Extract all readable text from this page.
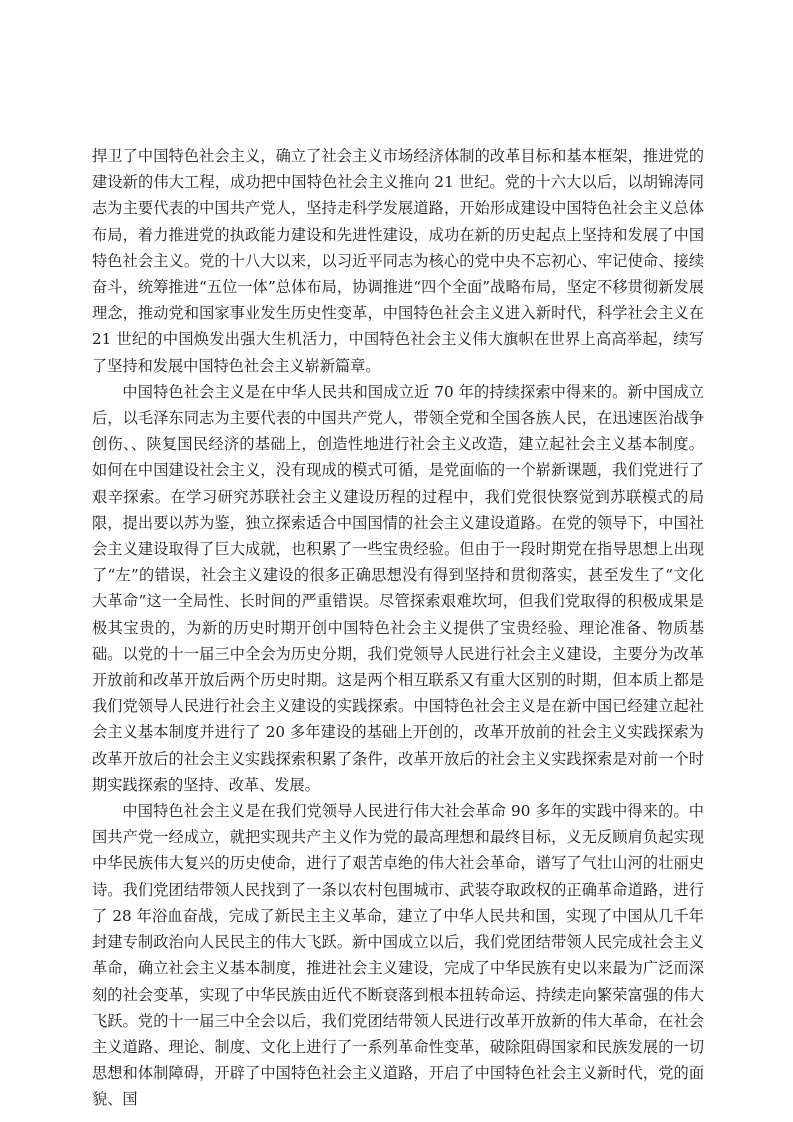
捍卫了中国特色社会主义，确立了社会主义市场经济体制的改革目标和基本框架，推进党的建设新的伟大工程，成功把中国特色社会主义推向 21 世纪。党的十六大以后，以胡锦涛同志为主要代表的中国共产党人，坚持走科学发展道路，开始形成建设中国特色社会主义总体布局，着力推进党的执政能力建设和先进性建设，成功在新的历史起点上坚持和发展了中国特色社会主义。党的十八大以来，以习近平同志为核心的党中央不忘初心、牢记使命、接续奋斗，统筹推进“五位一体”总体布局，协调推进“四个全面”战略布局，坚定不移贯彻新发展理念，推动党和国家事业发生历史性变革，中国特色社会主义进入新时代，科学社会主义在 21 世纪的中国焕发出强大生机活力，中国特色社会主义伟大旗帜在世界上高高举起，续写了坚持和发展中国特色社会主义崭新篇章。

中国特色社会主义是在中华人民共和国成立近 70 年的持续探索中得来的。新中国成立后，以毛泽东同志为主要代表的中国共产党人，带领全党和全国各族人民，在迅速医治战争创伤、、陕复国民经济的基础上，创造性地进行社会主义改造，建立起社会主义基本制度。如何在中国建设社会主义，没有现成的模式可循，是党面临的一个崭新课题，我们党进行了艰辛探索。在学习研究苏联社会主义建设历程的过程中，我们党很快察觉到苏联模式的局限，提出要以苏为鉴，独立探索适合中国国情的社会主义建设道路。在党的领导下，中国社会主义建设取得了巨大成就，也积累了一些宝贵经验。但由于一段时期党在指导思想上出现了“左”的错误，社会主义建设的很多正确思想没有得到坚持和贯彻落实，甚至发生了“文化大革命”这一全局性、长时间的严重错误。尽管探索艰难坎坷，但我们党取得的积极成果是极其宝贵的，为新的历史时期开创中国特色社会主义提供了宝贵经验、理论准备、物质基础。以党的十一届三中全会为历史分期，我们党领导人民进行社会主义建设，主要分为改革开放前和改革开放后两个历史时期。这是两个相互联系又有重大区别的时期，但本质上都是我们党领导人民进行社会主义建设的实践探索。中国特色社会主义是在新中国已经建立起社会主义基本制度并进行了 20 多年建设的基础上开创的，改革开放前的社会主义实践探索为改革开放后的社会主义实践探索积累了条件，改革开放后的社会主义实践探索是对前一个时期实践探索的坚持、改革、发展。

中国特色社会主义是在我们党领导人民进行伟大社会革命 90 多年的实践中得来的。中国共产党一经成立，就把实现共产主义作为党的最高理想和最终目标，义无反顾肩负起实现中华民族伟大复兴的历史使命，进行了艰苦卓绝的伟大社会革命，谱写了气壮山河的壮丽史诗。我们党团结带领人民找到了一条以农村包围城市、武装夺取政权的正确革命道路，进行了 28 年浴血奋战，完成了新民主主义革命，建立了中华人民共和国，实现了中国从几千年封建专制政治向人民民主的伟大飞跃。新中国成立以后，我们党团结带领人民完成社会主义革命，确立社会主义基本制度，推进社会主义建设，完成了中华民族有史以来最为广泛而深刻的社会变革，实现了中华民族由近代不断衰落到根本扭转命运、持续走向繁荣富强的伟大飞跃。党的十一届三中全会以后，我们党团结带领人民进行改革开放新的伟大革命，在社会主义道路、理论、制度、文化上进行了一系列革命性变革，破除阻碍国家和民族发展的一切思想和体制障碍，开辟了中国特色社会主义道路，开启了中国特色社会主义新时代，党的面貌、国
